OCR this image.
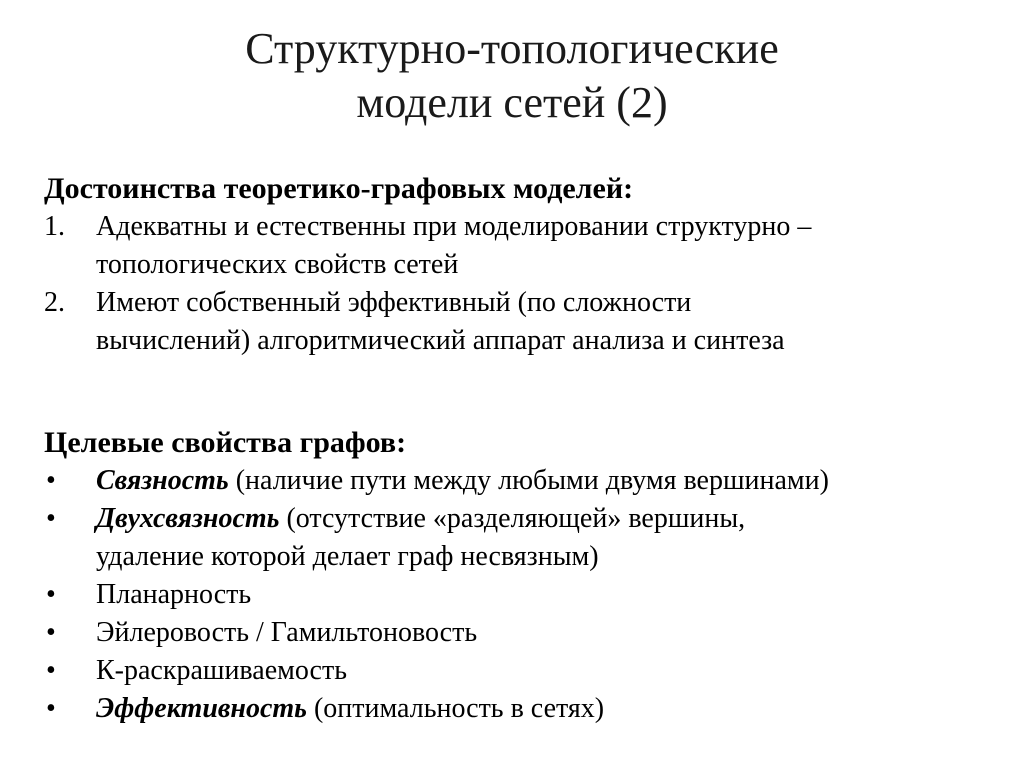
Структурно-топологические
модели сетей (2)

Достоинства теоретико-графовых моделей:

1.	Адекватны и естественны при моделировании структурно –
топологических свойств сетей
2.	Имеют собственный эффективный (по сложности
вычислений) алгоритмический аппарат анализа и синтеза

Целевые свойства графов:

•	Связность (наличие пути между любыми двумя вершинами)
•	Двухсвязность (отсутствие «разделяющей» вершины,
удаление которой делает граф несвязным)
•	Планарность
•	Эйлеровость / Гамильтоновость
•	К-раскрашиваемость
•	Эффективность (оптимальность в сетях)
